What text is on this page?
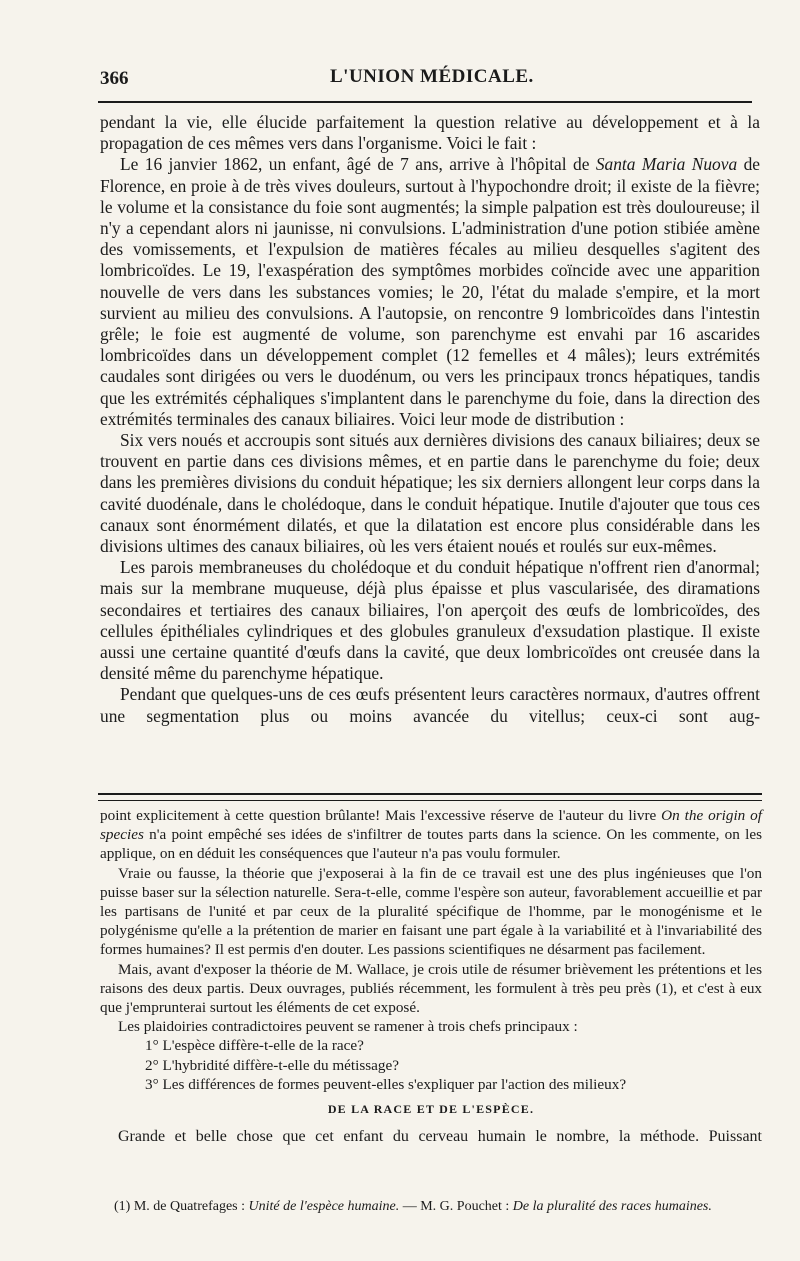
366	L'UNION MÉDICALE.

pendant la vie, elle élucide parfaitement la question relative au développement et à la propagation de ces mêmes vers dans l'organisme. Voici le fait :

Le 16 janvier 1862, un enfant, âgé de 7 ans, arrive à l'hôpital de Santa Maria Nuova de Florence, en proie à de très vives douleurs, surtout à l'hypochondre droit; il existe de la fièvre; le volume et la consistance du foie sont augmentés; la simple palpation est très douloureuse; il n'y a cependant alors ni jaunisse, ni convulsions. L'administration d'une potion stibiée amène des vomissements, et l'expulsion de matières fécales au milieu desquelles s'agitent des lombricoïdes. Le 19, l'exaspération des symptômes morbides coïncide avec une apparition nouvelle de vers dans les substances vomies; le 20, l'état du malade s'empire, et la mort survient au milieu des convulsions. A l'autopsie, on rencontre 9 lombricoïdes dans l'intestin grêle; le foie est augmenté de volume, son parenchyme est envahi par 16 ascarides lombricoïdes dans un développement complet (12 femelles et 4 mâles); leurs extrémités caudales sont dirigées ou vers le duodénum, ou vers les principaux troncs hépatiques, tandis que les extrémités céphaliques s'implantent dans le parenchyme du foie, dans la direction des extrémités terminales des canaux biliaires. Voici leur mode de distribution :

Six vers noués et accroupis sont situés aux dernières divisions des canaux biliaires; deux se trouvent en partie dans ces divisions mêmes, et en partie dans le parenchyme du foie; deux dans les premières divisions du conduit hépatique; les six derniers allongent leur corps dans la cavité duodénale, dans le cholédoque, dans le conduit hépatique. Inutile d'ajouter que tous ces canaux sont énormément dilatés, et que la dilatation est encore plus considérable dans les divisions ultimes des canaux biliaires, où les vers étaient noués et roulés sur eux-mêmes.

Les parois membraneuses du cholédoque et du conduit hépatique n'offrent rien d'anormal; mais sur la membrane muqueuse, déjà plus épaisse et plus vascularisée, des diramations secondaires et tertiaires des canaux biliaires, l'on aperçoit des œufs de lombricoïdes, des cellules épithéliales cylindriques et des globules granuleux d'exsudation plastique. Il existe aussi une certaine quantité d'œufs dans la cavité, que deux lombricoïdes ont creusée dans la densité même du parenchyme hépatique.

Pendant que quelques-uns de ces œufs présentent leurs caractères normaux, d'autres offrent une segmentation plus ou moins avancée du vitellus; ceux-ci sont aug-

point explicitement à cette question brûlante! Mais l'excessive réserve de l'auteur du livre On the origin of species n'a point empêché ses idées de s'infiltrer de toutes parts dans la science. On les commente, on les applique, on en déduit les conséquences que l'auteur n'a pas voulu formuler.

Vraie ou fausse, la théorie que j'exposerai à la fin de ce travail est une des plus ingénieuses que l'on puisse baser sur la sélection naturelle. Sera-t-elle, comme l'espère son auteur, favorablement accueillie et par les partisans de l'unité et par ceux de la pluralité spécifique de l'homme, par le monogénisme et le polygénisme qu'elle a la prétention de marier en faisant une part égale à la variabilité et à l'invariabilité des formes humaines? Il est permis d'en douter. Les passions scientifiques ne désarment pas facilement.

Mais, avant d'exposer la théorie de M. Wallace, je crois utile de résumer brièvement les prétentions et les raisons des deux partis. Deux ouvrages, publiés récemment, les formulent à très peu près (1), et c'est à eux que j'emprunterai surtout les éléments de cet exposé.

Les plaidoiries contradictoires peuvent se ramener à trois chefs principaux :

1° L'espèce diffère-t-elle de la race?
2° L'hybridité diffère-t-elle du métissage?
3° Les différences de formes peuvent-elles s'expliquer par l'action des milieux?
DE LA RACE ET DE L'ESPÈCE.

Grande et belle chose que cet enfant du cerveau humain le nombre, la méthode. Puissant

(1) M. de Quatrefages : Unité de l'espèce humaine. — M. G. Pouchet : De la pluralité des races humaines.
